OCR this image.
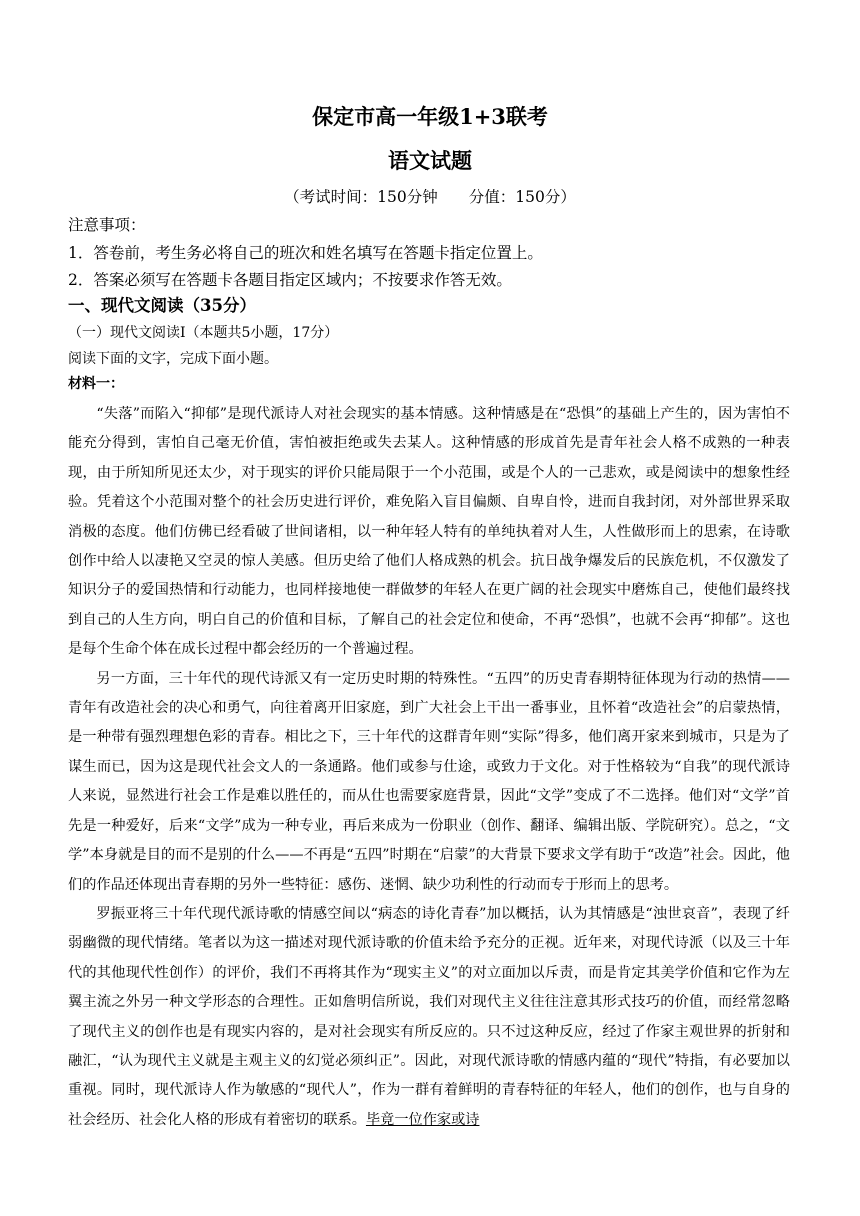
保定市高一年级1+3联考
语文试题
（考试时间：150分钟　　分值：150分）
注意事项：
1．答卷前，考生务必将自己的班次和姓名填写在答题卡指定位置上。
2．答案必须写在答题卡各题目指定区域内；不按要求作答无效。
一、现代文阅读（35分）
（一）现代文阅读Ⅰ（本题共5小题，17分）
阅读下面的文字，完成下面小题。
材料一：

“失落”而陷入“抑郁”是现代派诗人对社会现实的基本情感。这种情感是在“恐惧”的基础上产生的，因为害怕不能充分得到，害怕自己毫无价值，害怕被拒绝或失去某人。这种情感的形成首先是青年社会人格不成熟的一种表现，由于所知所见还太少，对于现实的评价只能局限于一个小范围，或是个人的一己悲欢，或是阅读中的想象性经验。凭着这个小范围对整个的社会历史进行评价，难免陷入盲目偏颇、自卑自怜，进而自我封闭，对外部世界采取消极的态度。他们仿佛已经看破了世间诸相，以一种年轻人特有的单纯执着对人生，人性做形而上的思索，在诗歌创作中给人以凄艳又空灵的惊人美感。但历史给了他们人格成熟的机会。抗日战争爆发后的民族危机，不仅激发了知识分子的爱国热情和行动能力，也同样接地使一群做梦的年轻人在更广阔的社会现实中磨炼自己，使他们最终找到自己的人生方向，明白自己的价值和目标，了解自己的社会定位和使命，不再“恐惧”，也就不会再“抑郁”。这也是每个生命个体在成长过程中都会经历的一个普遍过程。

另一方面，三十年代的现代诗派又有一定历史时期的特殊性。“五四”的历史青春期特征体现为行动的热情——青年有改造社会的决心和勇气，向往着离开旧家庭，到广大社会上干出一番事业，且怀着“改造社会”的启蒙热情，是一种带有强烈理想色彩的青春。相比之下，三十年代的这群青年则“实际”得多，他们离开家来到城市，只是为了谋生而已，因为这是现代社会文人的一条通路。他们或参与仕途，或致力于文化。对于性格较为“自我”的现代派诗人来说，显然进行社会工作是难以胜任的，而从仕也需要家庭背景，因此“文学”变成了不二选择。他们对“文学”首先是一种爱好，后来“文学”成为一种专业，再后来成为一份职业（创作、翻译、编辑出版、学院研究）。总之，“文学”本身就是目的而不是别的什么——不再是“五四”时期在“启蒙”的大背景下要求文学有助于“改造”社会。因此，他们的作品还体现出青春期的另外一些特征：感伤、迷惘、缺少功利性的行动而专于形而上的思考。

罗振亚将三十年代现代派诗歌的情感空间以“病态的诗化青春”加以概括，认为其情感是“浊世哀音”，表现了纤弱幽微的现代情绪。笔者以为这一描述对现代派诗歌的价值未给予充分的正视。近年来，对现代诗派（以及三十年代的其他现代性创作）的评价，我们不再将其作为“现实主义”的对立面加以斥责，而是肯定其美学价值和它作为左翼主流之外另一种文学形态的合理性。正如詹明信所说，我们对现代主义往往注意其形式技巧的价值，而经常忽略了现代主义的创作也是有现实内容的，是对社会现实有所反应的。只不过这种反应，经过了作家主观世界的折射和融汇，“认为现代主义就是主观主义的幻觉必须纠正”。因此，对现代派诗歌的情感内蕴的“现代”特指，有必要加以重视。同时，现代派诗人作为敏感的“现代人”，作为一群有着鲜明的青春特征的年轻人，他们的创作，也与自身的社会经历、社会化人格的形成有着密切的联系。毕竟一位作家或诗
